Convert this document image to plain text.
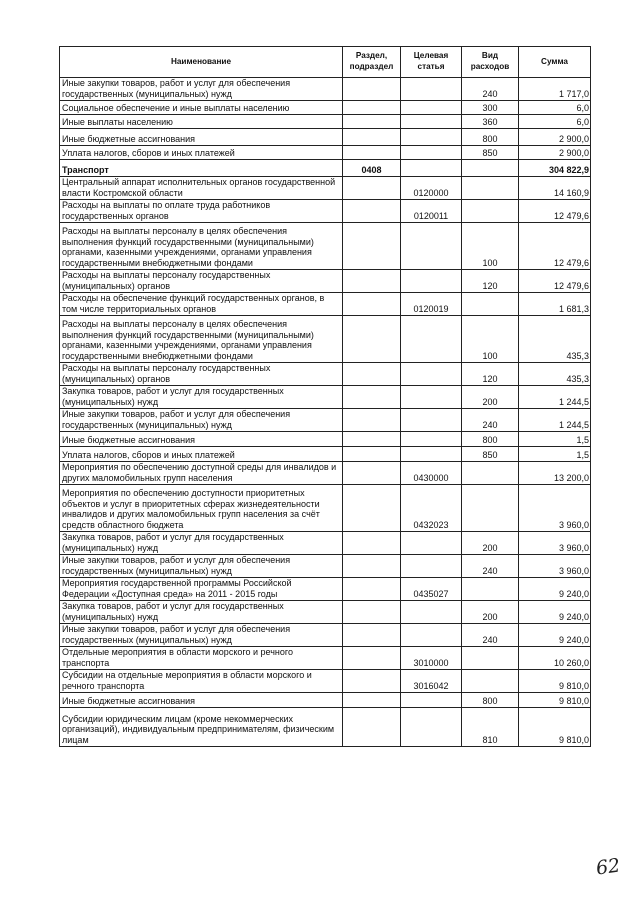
Наименование	Раздел, подраздел	Целевая статья	Вид расходов	Сумма
Иные закупки товаров, работ и услуг для обеспечения государственных (муниципальных) нужд			240	1 717,0
Социальное обеспечение и иные выплаты населению			300	6,0
Иные выплаты населению			360	6,0
Иные бюджетные ассигнования			800	2 900,0
Уплата налогов, сборов и иных платежей			850	2 900,0
Транспорт	0408			304 822,9
Центральный аппарат исполнительных органов государственной власти Костромской области		0120000		14 160,9
Расходы на выплаты по оплате труда работников государственных органов		0120011		12 479,6
Расходы на выплаты персоналу в целях обеспечения выполнения функций государственными (муниципальными) органами, казенными учреждениями, органами управления государственными внебюджетными фондами			100	12 479,6
Расходы на выплаты персоналу государственных (муниципальных) органов			120	12 479,6
Расходы на обеспечение функций государственных органов, в том числе территориальных органов		0120019		1 681,3
Расходы на выплаты персоналу в целях обеспечения выполнения функций государственными (муниципальными) органами, казенными учреждениями, органами управления государственными внебюджетными фондами			100	435,3
Расходы на выплаты персоналу государственных (муниципальных) органов			120	435,3
Закупка товаров, работ и услуг для государственных (муниципальных) нужд			200	1 244,5
Иные закупки товаров, работ и услуг для обеспечения государственных (муниципальных) нужд			240	1 244,5
Иные бюджетные ассигнования			800	1,5
Уплата налогов, сборов и иных платежей			850	1,5
Мероприятия по обеспечению доступной среды для инвалидов и других маломобильных групп населения		0430000		13 200,0
Мероприятия по обеспечению доступности приоритетных объектов и услуг в приоритетных сферах жизнедеятельности инвалидов и других маломобильных групп населения за счёт средств областного бюджета		0432023		3 960,0
Закупка товаров, работ и услуг для государственных (муниципальных) нужд			200	3 960,0
Иные закупки товаров, работ и услуг для обеспечения государственных (муниципальных) нужд			240	3 960,0
Мероприятия государственной программы Российской Федерации «Доступная среда» на 2011 - 2015 годы		0435027		9 240,0
Закупка товаров, работ и услуг для государственных (муниципальных) нужд			200	9 240,0
Иные закупки товаров, работ и услуг для обеспечения государственных (муниципальных) нужд			240	9 240,0
Отдельные мероприятия в области морского и речного транспорта		3010000		10 260,0
Субсидии на отдельные мероприятия в области морского и речного транспорта		3016042		9 810,0
Иные бюджетные ассигнования			800	9 810,0
Субсидии юридическим лицам (кроме некоммерческих организаций), индивидуальным предпринимателям, физическим лицам			810	9 810,0
62
